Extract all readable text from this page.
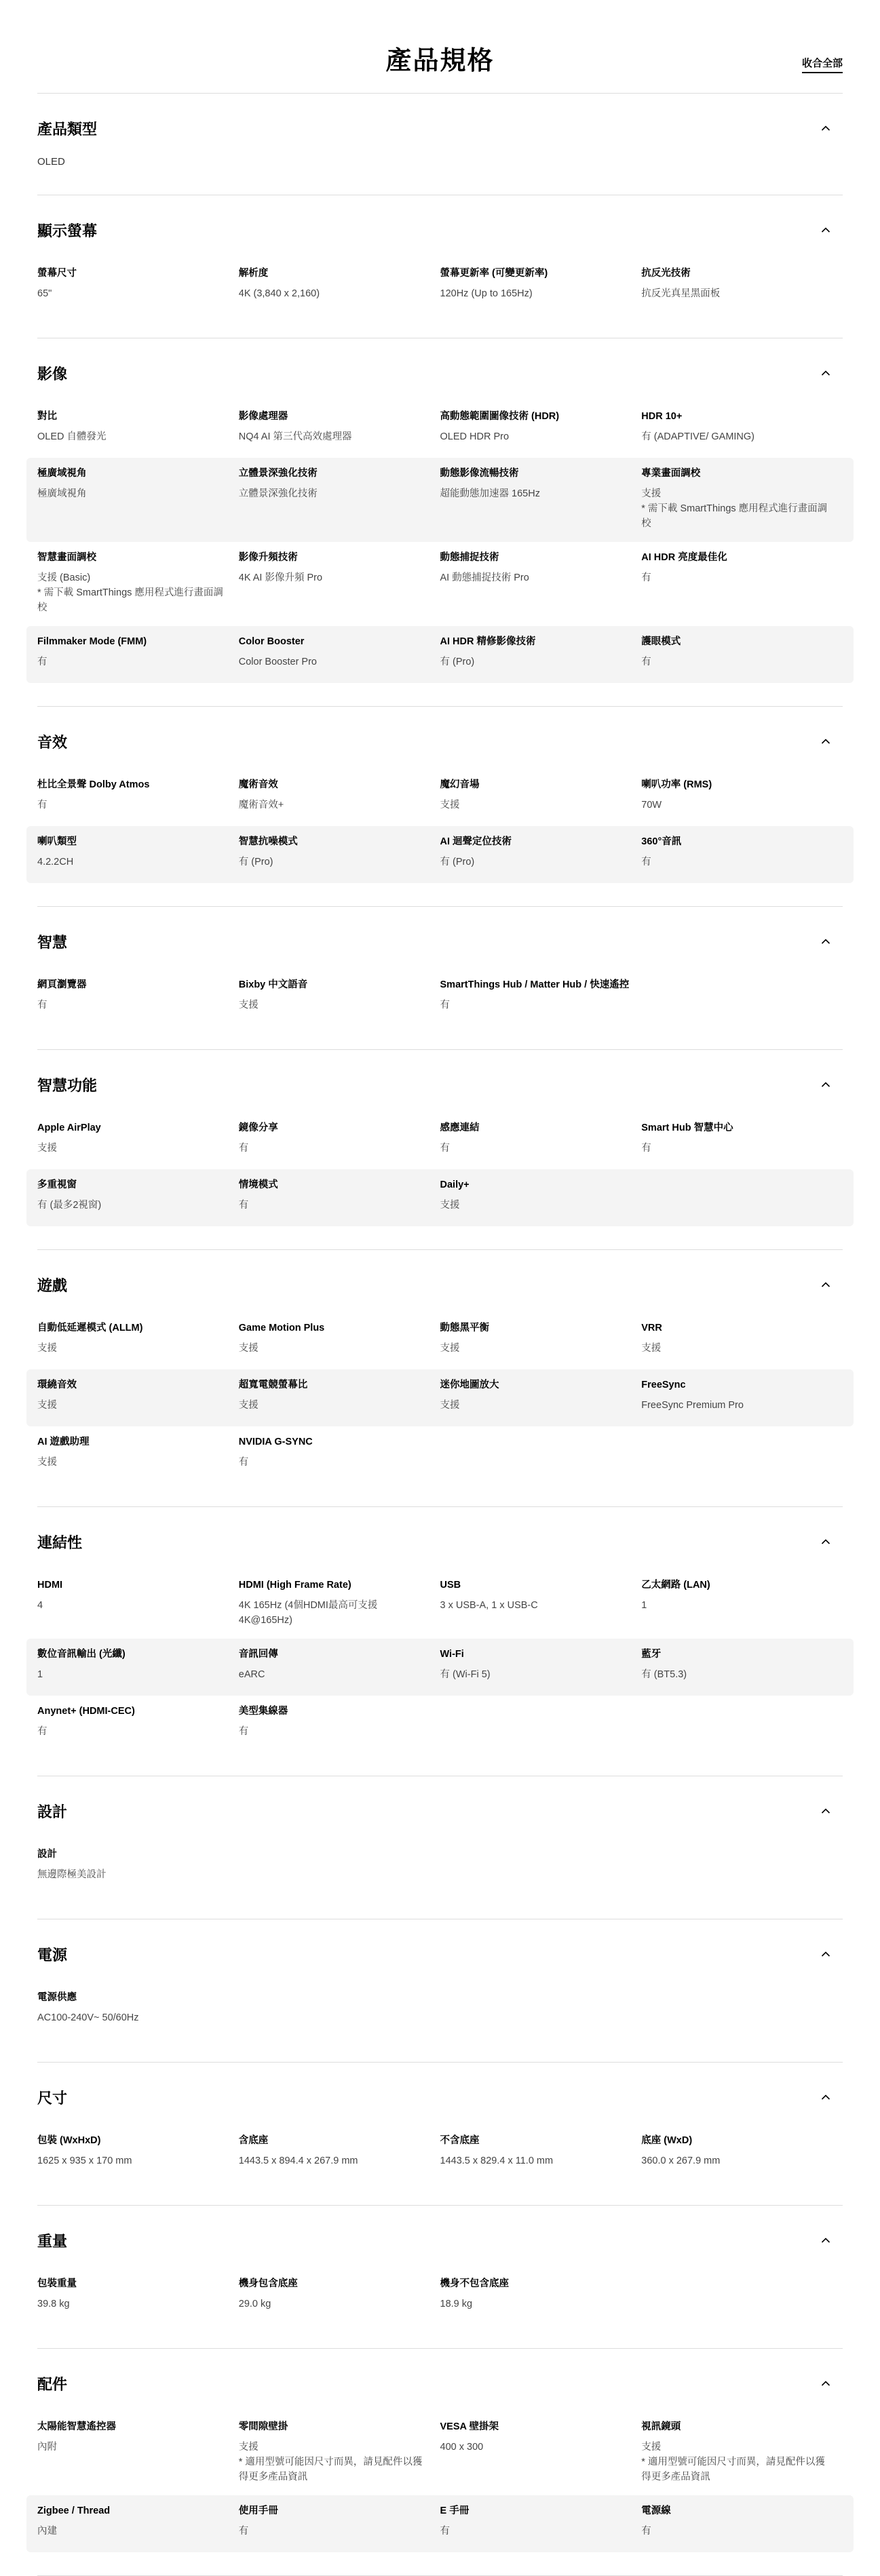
產品規格	收合全部
產品類型
OLED
顯示螢幕
螢幕尺寸
65"
解析度
4K (3,840 x 2,160)
螢幕更新率 (可變更新率)
120Hz (Up to 165Hz)
抗反光技術
抗反光真星黑面板
影像
對比
OLED 自體發光
影像處理器
NQ4 AI 第三代高效處理器
高動態範圍圖像技術 (HDR)
OLED HDR Pro
HDR 10+
有 (ADAPTIVE/ GAMING)
極廣域視角
極廣域視角
立體景深強化技術
立體景深強化技術
動態影像流暢技術
超能動態加速器 165Hz
專業畫面調校
支援
* 需下載 SmartThings 應用程式進行畫面調校
智慧畫面調校
支援 (Basic)
* 需下載 SmartThings 應用程式進行畫面調校
影像升頻技術
4K AI 影像升頻 Pro
動態捕捉技術
AI 動態捕捉技術 Pro
AI HDR 亮度最佳化
有
Filmmaker Mode (FMM)
有
Color Booster
Color Booster Pro
AI HDR 精修影像技術
有 (Pro)
護眼模式
有
音效
杜比全景聲 Dolby Atmos
有
魔術音效
魔術音效+
魔幻音場
支援
喇叭功率 (RMS)
70W
喇叭類型
4.2.2CH
智慧抗噪模式
有 (Pro)
AI 迴聲定位技術
有 (Pro)
360°音訊
有
智慧
網頁瀏覽器
有
Bixby 中文語音
支援
SmartThings Hub / Matter Hub / 快速遙控
有
智慧功能
Apple AirPlay
支援
鏡像分享
有
感應連結
有
Smart Hub 智慧中心
有
多重視窗
有 (最多2視窗)
情境模式
有
Daily+
支援
遊戲
自動低延遲模式 (ALLM)
支援
Game Motion Plus
支援
動態黑平衡
支援
VRR
支援
環繞音效
支援
超寬電競螢幕比
支援
迷你地圖放大
支援
FreeSync
FreeSync Premium Pro
AI 遊戲助理
支援
NVIDIA G-SYNC
有
連結性
HDMI
4
HDMI (High Frame Rate)
4K 165Hz (4個HDMI最高可支援4K@165Hz)
USB
3 x USB-A, 1 x USB-C
乙太網路 (LAN)
1
數位音訊輸出 (光纖)
1
音訊回傳
eARC
Wi-Fi
有 (Wi-Fi 5)
藍牙
有 (BT5.3)
Anynet+ (HDMI-CEC)
有
美型集線器
有
設計
設計
無邊際極美設計
電源
電源供應
AC100-240V~ 50/60Hz
尺寸
包裝 (WxHxD)
1625 x 935 x 170 mm
含底座
1443.5 x 894.4 x 267.9 mm
不含底座
1443.5 x 829.4 x 11.0 mm
底座 (WxD)
360.0 x 267.9 mm
重量
包裝重量
39.8 kg
機身包含底座
29.0 kg
機身不包含底座
18.9 kg
配件
太陽能智慧遙控器
內附
零間隙壁掛
支援
* 適用型號可能因尺寸而異，請見配件以獲得更多產品資訊
VESA 壁掛架
400 x 300
視訊鏡頭
支援
* 適用型號可能因尺寸而異，請見配件以獲得更多產品資訊
Zigbee / Thread
內建
使用手冊
有
E 手冊
有
電源線
有
